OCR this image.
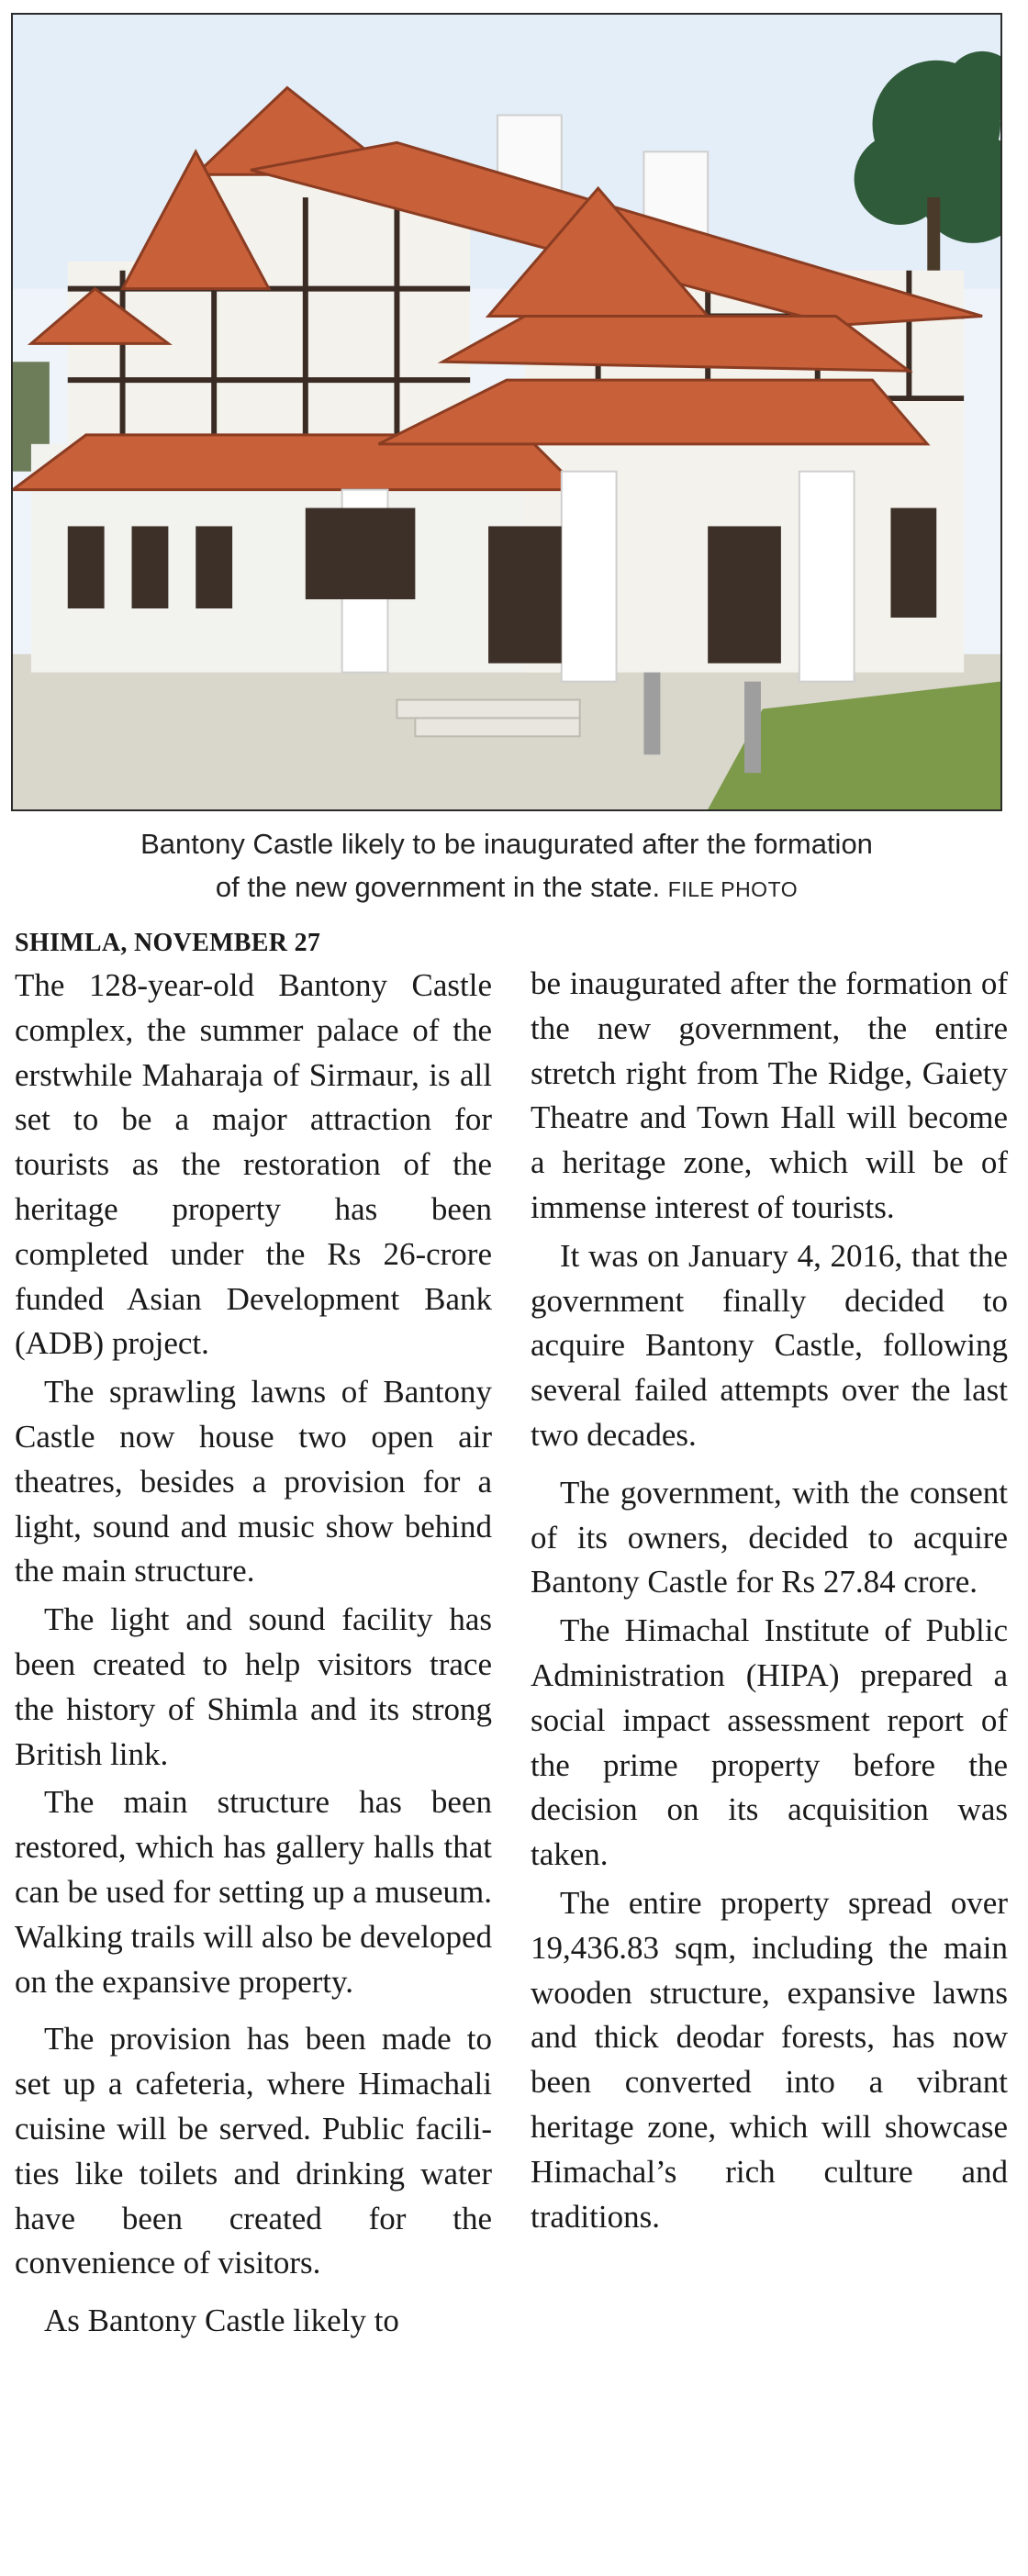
Bantony Castle likely to be inaugurated after the formation
of the new government in the state. FILE PHOTO
SHIMLA, NOVEMBER 27

The 128-year-old Bantony Castle complex, the summer palace of the erstwhile Maharaja of Sirmaur, is all set to be a major attraction for tourists as the restoration of the heritage property has been completed under the Rs 26-crore funded Asian Development Bank (ADB) project.

The sprawling lawns of Bantony Castle now house two open air theatres, besides a provision for a light, sound and music show behind the main structure.

The light and sound facility has been created to help visitors trace the history of Shimla and its strong British link.

The main structure has been restored, which has gallery halls that can be used for setting up a museum. Walking trails will also be developed on the expansive property.

The provision has been made to set up a cafeteria, where Himachali cuisine will be served. Public facilities like toilets and drinking water have been created for the convenience of visitors.

As Bantony Castle likely to

be inaugurated after the formation of the new government, the entire stretch right from The Ridge, Gaiety Theatre and Town Hall will become a heritage zone, which will be of immense interest of tourists.

It was on January 4, 2016, that the government finally decided to acquire Bantony Castle, following several failed attempts over the last two decades.

The government, with the consent of its owners, decided to acquire Bantony Castle for Rs 27.84 crore.

The Himachal Institute of Public Administration (HIPA) prepared a social impact assessment report of the prime property before the decision on its acquisition was taken.

The entire property spread over 19,436.83 sqm, including the main wooden structure, expansive lawns and thick deodar forests, has now been converted into a vibrant heritage zone, which will showcase Himachal’s rich culture and traditions.
